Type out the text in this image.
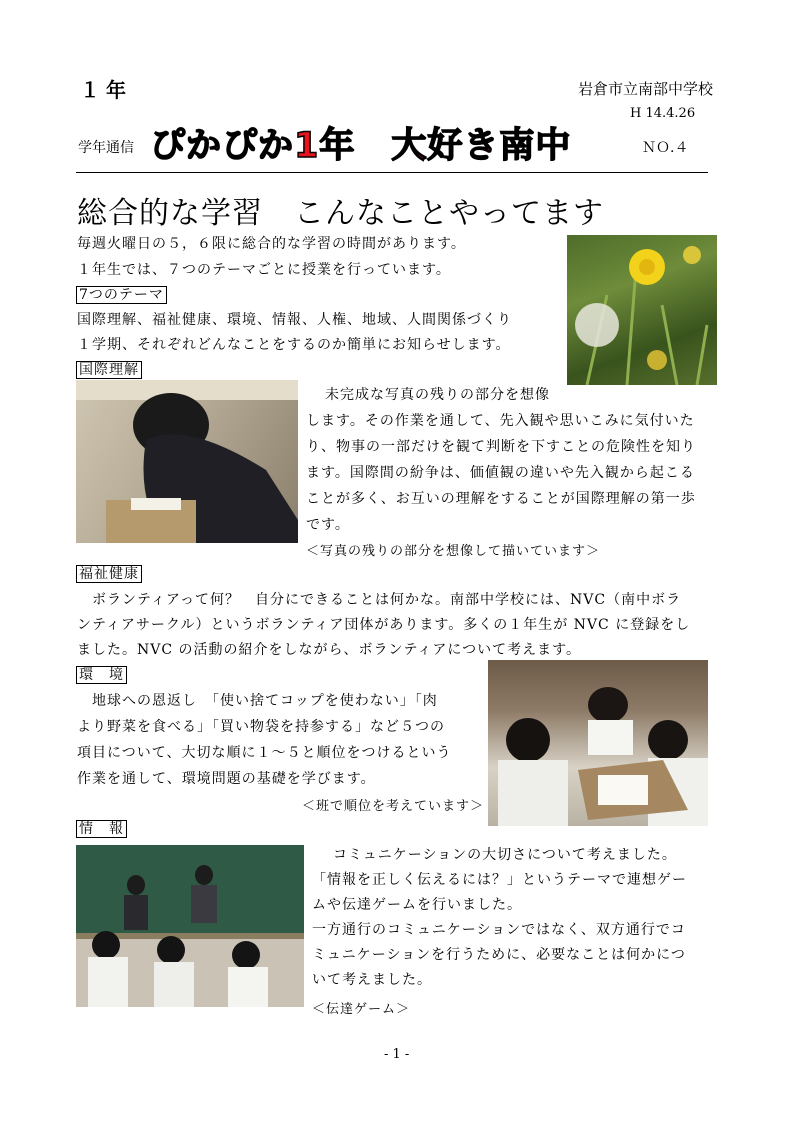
１年	岩倉市立南部中学校
H 14.4.26
学年通信 ぴかぴか1年　大好き南中	ＮＯ.４
総合的な学習　こんなことやってます
毎週火曜日の５，６限に総合的な学習の時間があります。
１年生では、７つのテーマごとに授業を行っています。
7つのテーマ
国際理解、福祉健康、環境、情報、人権、地域、人間関係づくり
１学期、それぞれどんなことをするのか簡単にお知らせします。
国際理解
　未完成な写真の残りの部分を想像
します。その作業を通して、先入観や思いこみに気付いた
り、物事の一部だけを観て判断を下すことの危険性を知り
ます。国際間の紛争は、価値観の違いや先入観から起こる
ことが多く、お互いの理解をすることが国際理解の第一歩
です。
＜写真の残りの部分を想像して描いています＞
福祉健康
　ボランティアって何？　自分にできることは何かな。南部中学校には、NVC（南中ボラ
ンティアサークル）というボランティア団体があります。多くの１年生が NVC に登録をし
ました。NVC の活動の紹介をしながら、ボランティアについて考えます。
環　境
　地球への恩返し　「使い捨てコップを使わない」「肉
より野菜を食べる」「買い物袋を持参する」など５つの
項目について、大切な順に１～５と順位をつけるという
作業を通して、環境問題の基礎を学びます。
＜班で順位を考えています＞
情　報
　コミュニケーションの大切さについて考えました。
「情報を正しく伝えるには？」というテーマで連想ゲー
ムや伝達ゲームを行いました。
一方通行のコミュニケーションではなく、双方通行でコ
ミュニケーションを行うために、必要なことは何かにつ
いて考えました。
＜伝達ゲーム＞
- 1 -
